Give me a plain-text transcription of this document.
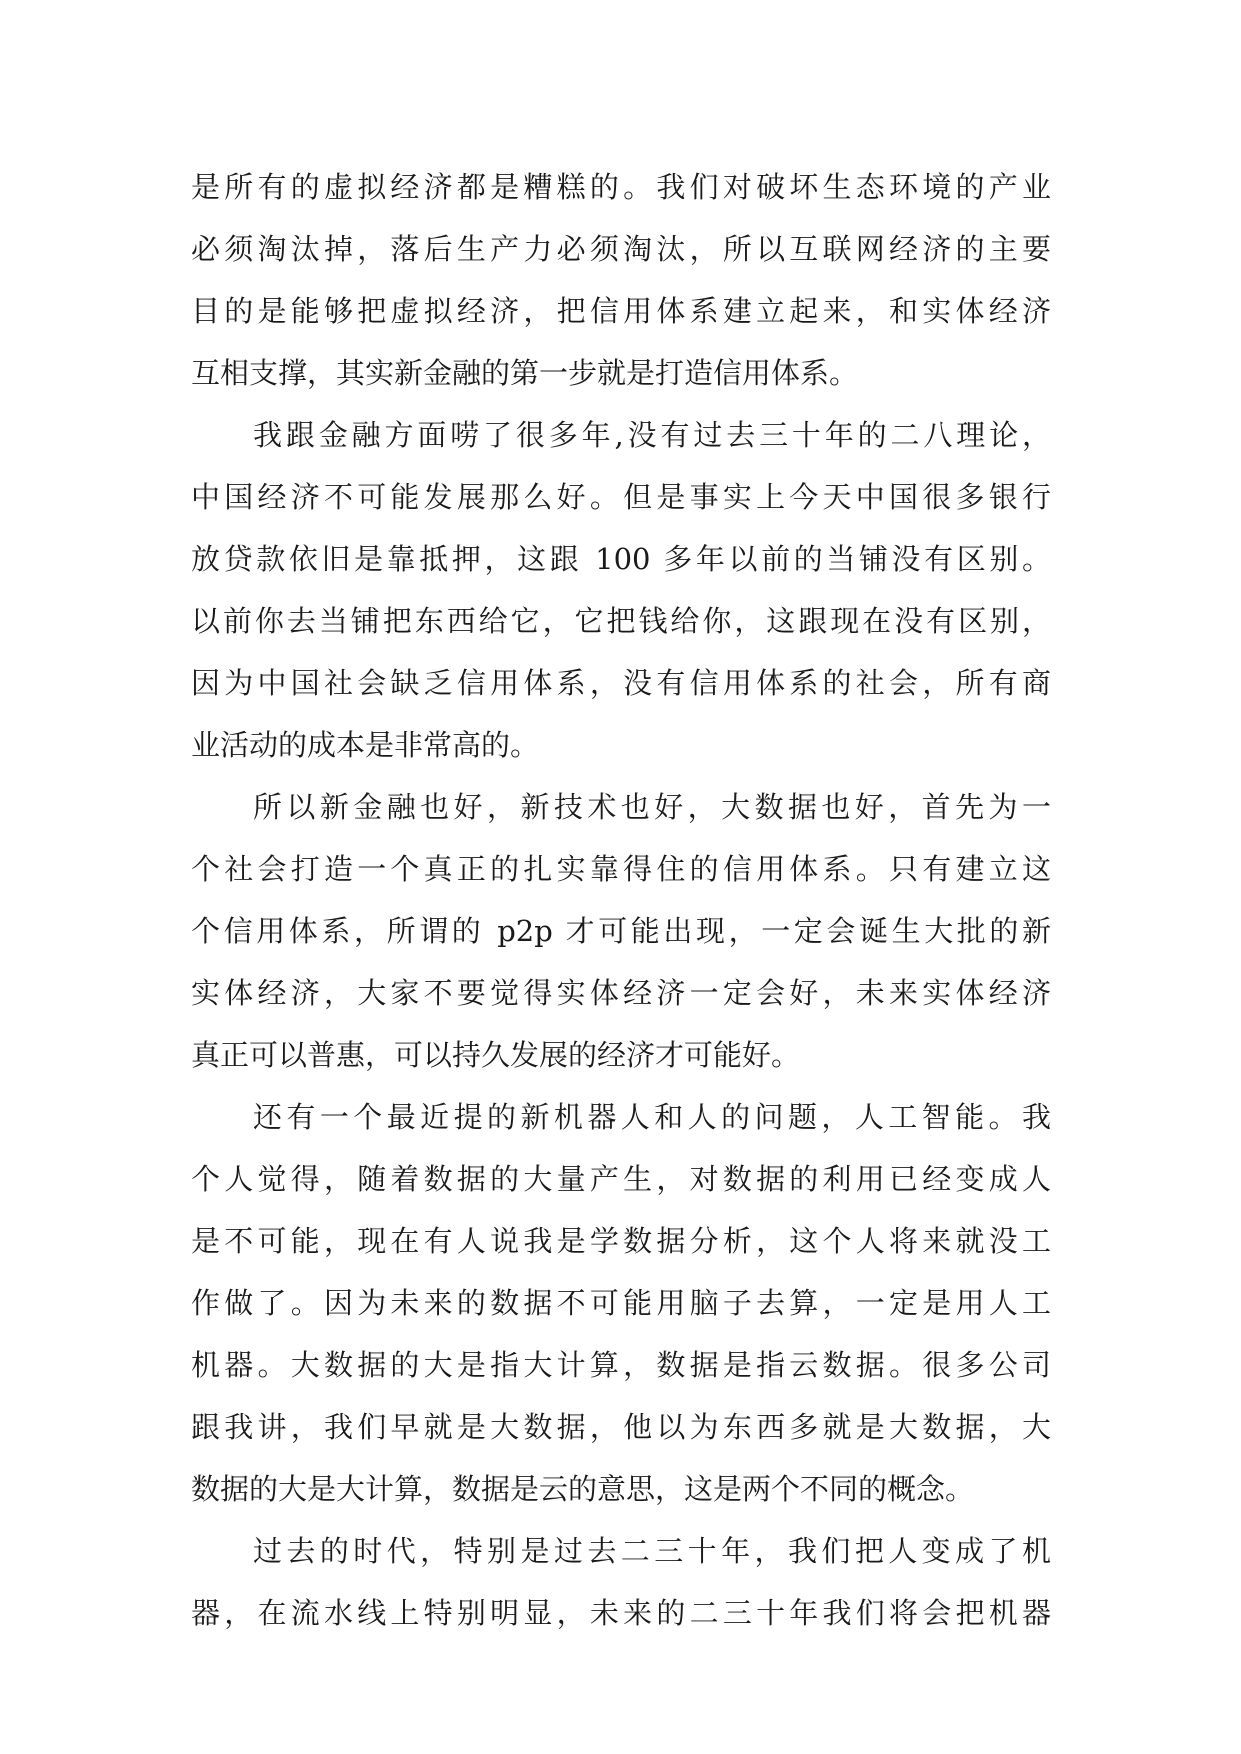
是所有的虚拟经济都是糟糕的。我们对破坏生态环境的产业
必须淘汰掉，落后生产力必须淘汰，所以互联网经济的主要
目的是能够把虚拟经济，把信用体系建立起来，和实体经济
互相支撑，其实新金融的第一步就是打造信用体系。
我跟金融方面唠了很多年,没有过去三十年的二八理论，
中国经济不可能发展那么好。但是事实上今天中国很多银行
放贷款依旧是靠抵押，这跟 100 多年以前的当铺没有区别。
以前你去当铺把东西给它，它把钱给你，这跟现在没有区别，
因为中国社会缺乏信用体系，没有信用体系的社会，所有商
业活动的成本是非常高的。
所以新金融也好，新技术也好，大数据也好，首先为一
个社会打造一个真正的扎实靠得住的信用体系。只有建立这
个信用体系，所谓的 p2p 才可能出现，一定会诞生大批的新
实体经济，大家不要觉得实体经济一定会好，未来实体经济
真正可以普惠，可以持久发展的经济才可能好。
还有一个最近提的新机器人和人的问题，人工智能。我
个人觉得，随着数据的大量产生，对数据的利用已经变成人
是不可能，现在有人说我是学数据分析，这个人将来就没工
作做了。因为未来的数据不可能用脑子去算，一定是用人工
机器。大数据的大是指大计算，数据是指云数据。很多公司
跟我讲，我们早就是大数据，他以为东西多就是大数据，大
数据的大是大计算，数据是云的意思，这是两个不同的概念。
过去的时代，特别是过去二三十年，我们把人变成了机
器，在流水线上特别明显，未来的二三十年我们将会把机器
